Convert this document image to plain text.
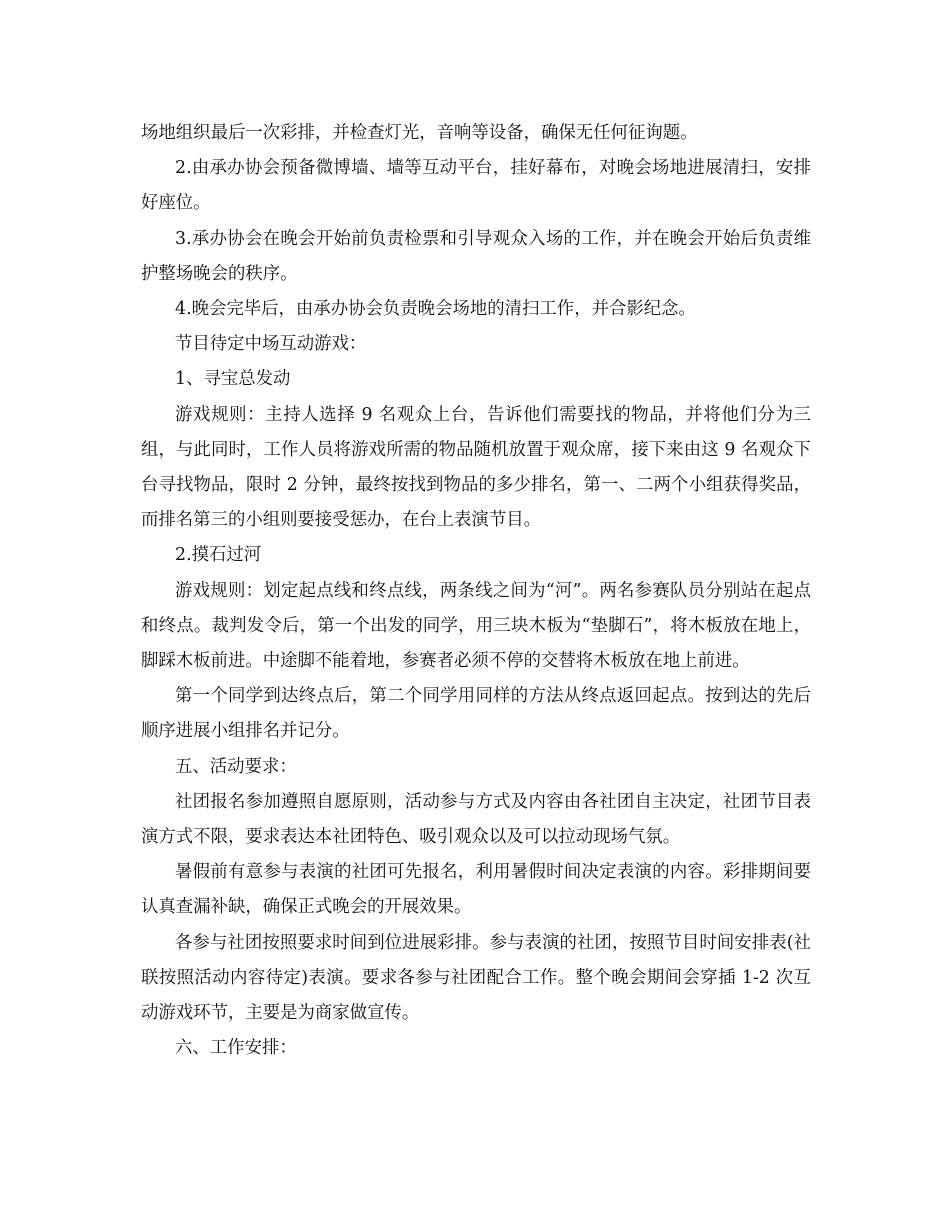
场地组织最后一次彩排，并检查灯光，音响等设备，确保无任何征询题。

2.由承办协会预备微博墙、墙等互动平台，挂好幕布，对晚会场地进展清扫，安排好座位。

3.承办协会在晚会开始前负责检票和引导观众入场的工作，并在晚会开始后负责维护整场晚会的秩序。

4.晚会完毕后，由承办协会负责晚会场地的清扫工作，并合影纪念。

节目待定中场互动游戏：

1、寻宝总发动

游戏规则：主持人选择 9 名观众上台，告诉他们需要找的物品，并将他们分为三组，与此同时，工作人员将游戏所需的物品随机放置于观众席，接下来由这 9 名观众下台寻找物品，限时 2 分钟，最终按找到物品的多少排名，第一、二两个小组获得奖品，而排名第三的小组则要接受惩办，在台上表演节目。

2.摸石过河

游戏规则：划定起点线和终点线，两条线之间为“河”。两名参赛队员分别站在起点和终点。裁判发令后，第一个出发的同学，用三块木板为“垫脚石”，将木板放在地上，脚踩木板前进。中途脚不能着地，参赛者必须不停的交替将木板放在地上前进。

第一个同学到达终点后，第二个同学用同样的方法从终点返回起点。按到达的先后顺序进展小组排名并记分。

五、活动要求：

社团报名参加遵照自愿原则，活动参与方式及内容由各社团自主决定，社团节目表演方式不限，要求表达本社团特色、吸引观众以及可以拉动现场气氛。

暑假前有意参与表演的社团可先报名，利用暑假时间决定表演的内容。彩排期间要认真查漏补缺，确保正式晚会的开展效果。

各参与社团按照要求时间到位进展彩排。参与表演的社团，按照节目时间安排表(社联按照活动内容待定)表演。要求各参与社团配合工作。整个晚会期间会穿插 1-2 次互动游戏环节，主要是为商家做宣传。

六、工作安排：
